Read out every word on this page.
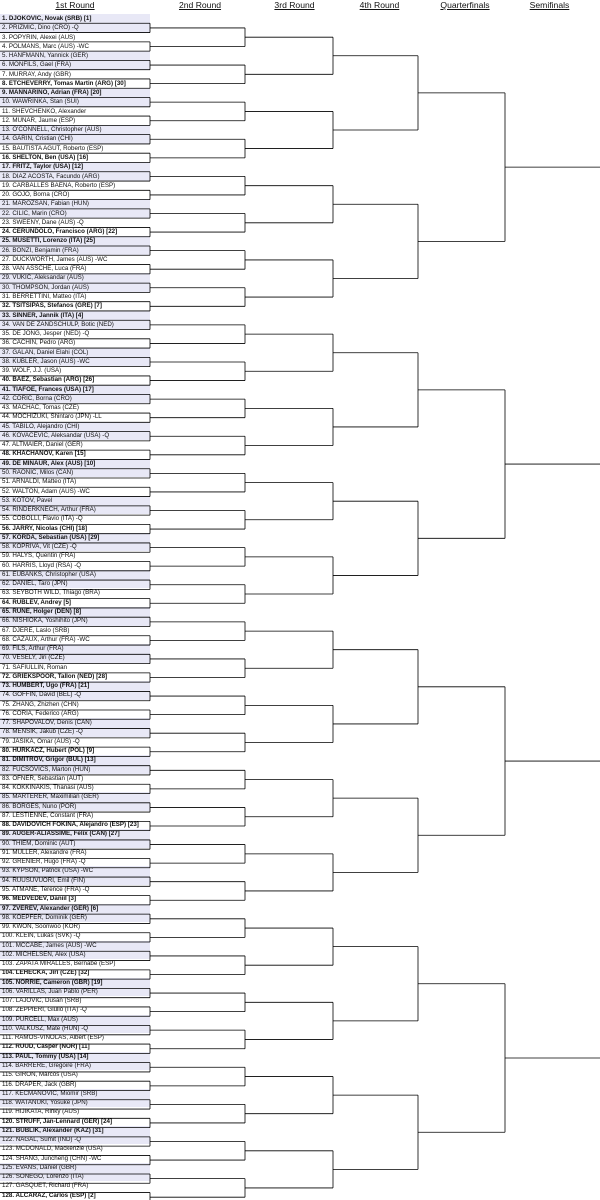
1st Round	2nd Round	3rd Round	4th Round	Quarterfinals	Semifinals
1. DJOKOVIC, Novak (SRB) [1]
2. PRIZMIC, Dino (CRO) -Q
3. POPYRIN, Alexei (AUS)
4. POLMANS, Marc (AUS) -WC
5. HANFMANN, Yannick (GER)
6. MONFILS, Gael (FRA)
7. MURRAY, Andy (GBR)
8. ETCHEVERRY, Tomas Martin (ARG) [30]
9. MANNARINO, Adrian (FRA) [20]
10. WAWRINKA, Stan (SUI)
11. SHEVCHENKO, Alexander
12. MUNAR, Jaume (ESP)
13. O'CONNELL, Christopher (AUS)
14. GARIN, Cristian (CHI)
15. BAUTISTA AGUT, Roberto (ESP)
16. SHELTON, Ben (USA) [16]
17. FRITZ, Taylor (USA) [12]
18. DIAZ ACOSTA, Facundo (ARG)
19. CARBALLES BAENA, Roberto (ESP)
20. GOJO, Borna (CRO)
21. MAROZSAN, Fabian (HUN)
22. CILIC, Marin (CRO)
23. SWEENY, Dane (AUS) -Q
24. CERUNDOLO, Francisco (ARG) [22]
25. MUSETTI, Lorenzo (ITA) [25]
26. BONZI, Benjamin (FRA)
27. DUCKWORTH, James (AUS) -WC
28. VAN ASSCHE, Luca (FRA)
29. VUKIC, Aleksandar (AUS)
30. THOMPSON, Jordan (AUS)
31. BERRETTINI, Matteo (ITA)
32. TSITSIPAS, Stefanos (GRE) [7]
33. SINNER, Jannik (ITA) [4]
34. VAN DE ZANDSCHULP, Botic (NED)
35. DE JONG, Jesper (NED) -Q
36. CACHIN, Pedro (ARG)
37. GALAN, Daniel Elahi (COL)
38. KUBLER, Jason (AUS) -WC
39. WOLF, J.J. (USA)
40. BAEZ, Sebastian (ARG) [26]
41. TIAFOE, Frances (USA) [17]
42. CORIC, Borna (CRO)
43. MACHAC, Tomas (CZE)
44. MOCHIZUKI, Shintaro (JPN) -LL
45. TABILO, Alejandro (CHI)
46. KOVACEVIC, Aleksandar (USA) -Q
47. ALTMAIER, Daniel (GER)
48. KHACHANOV, Karen [15]
49. DE MINAUR, Alex (AUS) [10]
50. RAONIC, Milos (CAN)
51. ARNALDI, Matteo (ITA)
52. WALTON, Adam (AUS) -WC
53. KOTOV, Pavel
54. RINDERKNECH, Arthur (FRA)
55. COBOLLI, Flavio (ITA) -Q
56. JARRY, Nicolas (CHI) [18]
57. KORDA, Sebastian (USA) [29]
58. KOPRIVA, Vit (CZE) -Q
59. HALYS, Quentin (FRA)
60. HARRIS, Lloyd (RSA) -Q
61. EUBANKS, Christopher (USA)
62. DANIEL, Taro (JPN)
63. SEYBOTH WILD, Thiago (BRA)
64. RUBLEV, Andrey [5]
65. RUNE, Holger (DEN) [8]
66. NISHIOKA, Yoshihito (JPN)
67. DJERE, Laslo (SRB)
68. CAZAUX, Arthur (FRA) -WC
69. FILS, Arthur (FRA)
70. VESELY, Jiri (CZE)
71. SAFIULLIN, Roman
72. GRIEKSPOOR, Tallon (NED) [28]
73. HUMBERT, Ugo (FRA) [21]
74. GOFFIN, David (BEL) -Q
75. ZHANG, Zhizhen (CHN)
76. CORIA, Federico (ARG)
77. SHAPOVALOV, Denis (CAN)
78. MENSIK, Jakub (CZE) -Q
79. JASIKA, Omar (AUS) -Q
80. HURKACZ, Hubert (POL) [9]
81. DIMITROV, Grigor (BUL) [13]
82. FUCSOVICS, Marton (HUN)
83. OFNER, Sebastian (AUT)
84. KOKKINAKIS, Thanasi (AUS)
85. MARTERER, Maximilian (GER)
86. BORGES, Nuno (POR)
87. LESTIENNE, Constant (FRA)
88. DAVIDOVICH FOKINA, Alejandro (ESP) [23]
89. AUGER-ALIASSIME, Felix (CAN) [27]
90. THIEM, Dominic (AUT)
91. MULLER, Alexandre (FRA)
92. GRENIER, Hugo (FRA) -Q
93. KYPSON, Patrick (USA) -WC
94. RUUSUVUORI, Emil (FIN)
95. ATMANE, Terence (FRA) -Q
96. MEDVEDEV, Daniil [3]
97. ZVEREV, Alexander (GER) [6]
98. KOEPFER, Dominik (GER)
99. KWON, Soonwoo (KOR)
100. KLEIN, Lukas (SVK) -Q
101. MCCABE, James (AUS) -WC
102. MICHELSEN, Alex (USA)
103. ZAPATA MIRALLES, Bernabe (ESP)
104. LEHECKA, Jiri (CZE) [32]
105. NORRIE, Cameron (GBR) [19]
106. VARILLAS, Juan Pablo (PER)
107. LAJOVIC, Dusan (SRB)
108. ZEPPIERI, Giulio (ITA) -Q
109. PURCELL, Max (AUS)
110. VALKUSZ, Mate (HUN) -Q
111. RAMOS-VINOLAS, Albert (ESP)
112. RUUD, Casper (NOR) [11]
113. PAUL, Tommy (USA) [14]
114. BARRERE, Gregoire (FRA)
115. GIRON, Marcos (USA)
116. DRAPER, Jack (GBR)
117. KECMANOVIC, Miomir (SRB)
118. WATANUKI, Yosuke (JPN)
119. HIJIKATA, Rinky (AUS)
120. STRUFF, Jan-Lennard (GER) [24]
121. BUBLIK, Alexander (KAZ) [31]
122. NAGAL, Sumit (IND) -Q
123. MCDONALD, Mackenzie (USA)
124. SHANG, Juncheng (CHN) -WC
125. EVANS, Daniel (GBR)
126. SONEGO, Lorenzo (ITA)
127. GASQUET, Richard (FRA)
128. ALCARAZ, Carlos (ESP) [2]
